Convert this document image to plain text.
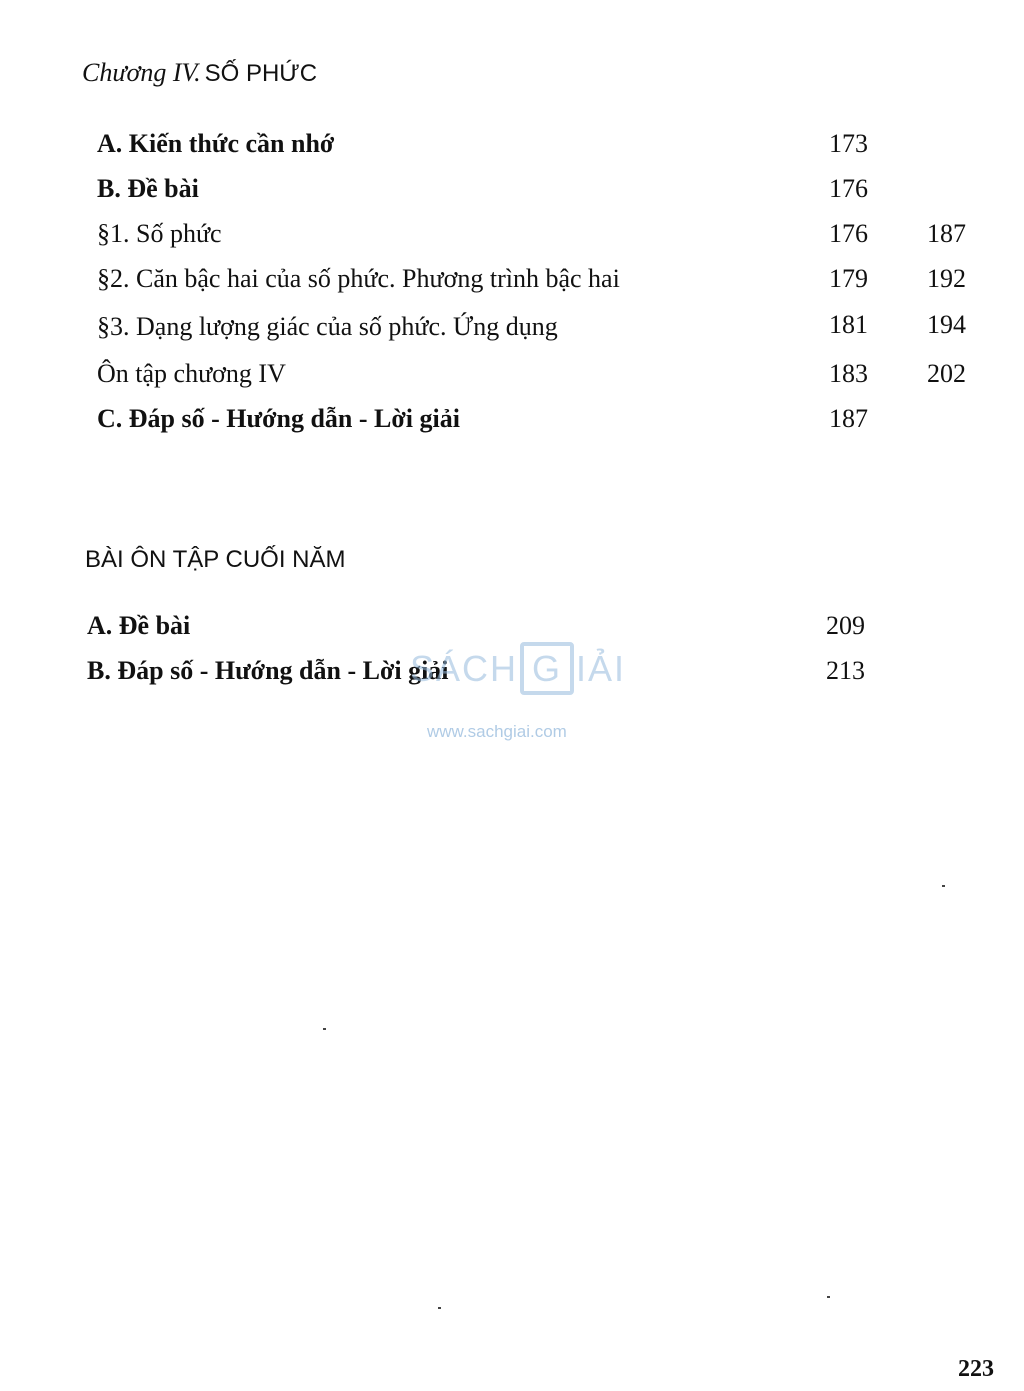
Chương IV. SỐ PHỨC
A. Kiến thức cần nhớ	173
B. Đề bài	176
§1. Số phức	176	187
§2. Căn bậc hai của số phức. Phương trình bậc hai	179	192
§3. Dạng lượng giác của số phức. Ứng dụng	181	194
Ôn tập chương IV	183	202
C. Đáp số - Hướng dẫn - Lời giải	187
BÀI ÔN TẬP CUỐI NĂM
A. Đề bài	209
B. Đáp số - Hướng dẫn - Lời giải	213
SÁCH G IẢI
www.sachgiai.com
223
